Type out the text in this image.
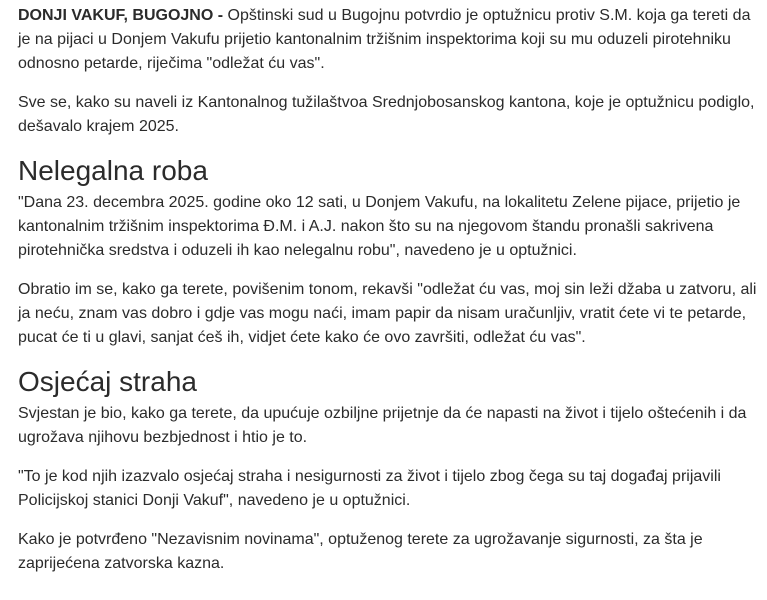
DONJI VAKUF, BUGOJNO - Opštinski sud u Bugojnu potvrdio je optužnicu protiv S.M. koja ga tereti da je na pijaci u Donjem Vakufu prijetio kantonalnim tržišnim inspektorima koji su mu oduzeli pirotehniku odnosno petarde, riječima "odležat ću vas".

Sve se, kako su naveli iz Kantonalnog tužilaštvoa Srednjobosanskog kantona, koje je optužnicu podiglo, dešavalo krajem 2025.

Nelegalna roba

"Dana 23. decembra 2025. godine oko 12 sati, u Donjem Vakufu, na lokalitetu Zelene pijace, prijetio je kantonalnim tržišnim inspektorima Đ.M. i A.J. nakon što su na njegovom štandu pronašli sakrivena pirotehnička sredstva i oduzeli ih kao nelegalnu robu", navedeno je u optužnici.

Obratio im se, kako ga terete, povišenim tonom, rekavši "odležat ću vas, moj sin leži džaba u zatvoru, ali ja neću, znam vas dobro i gdje vas mogu naći, imam papir da nisam uračunljiv, vratit ćete vi te petarde, pucat će ti u glavi, sanjat ćeš ih, vidjet ćete kako će ovo završiti, odležat ću vas".

Osjećaj straha

Svjestan je bio, kako ga terete, da upućuje ozbiljne prijetnje da će napasti na život i tijelo oštećenih i da ugrožava njihovu bezbjednost i htio je to.

"To je kod njih izazvalo osjećaj straha i nesigurnosti za život i tijelo zbog čega su taj događaj prijavili Policijskoj stanici Donji Vakuf", navedeno je u optužnici.

Kako je potvrđeno "Nezavisnim novinama", optuženog terete za ugrožavanje sigurnosti, za šta je zaprijećena zatvorska kazna.
